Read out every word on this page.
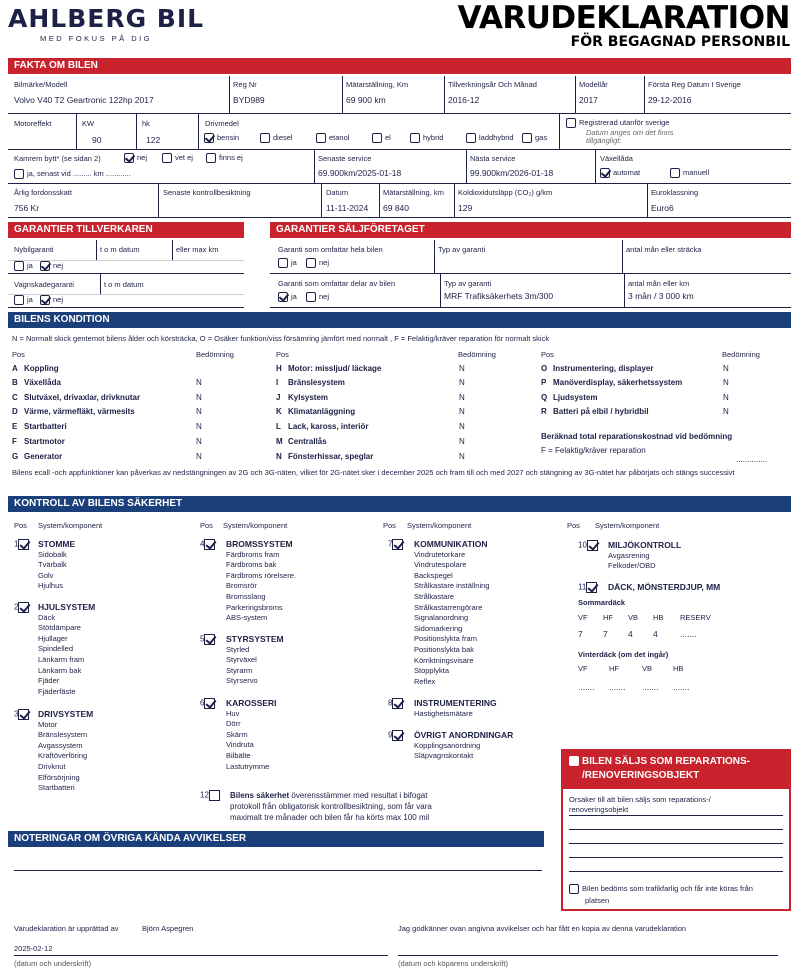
AHLBERG BIL
MED FOKUS PÅ DIG
VARUDEKLARATION
FÖR BEGAGNAD PERSONBIL
FAKTA OM BILEN
Bilmärke/Modell
Volvo V40 T2 Geartronic 122hp 2017
Reg Nr
BYD989
Mätarställning, Km
69 900 km
Tillverkningsår Och Månad
2016-12
Modellår
2017
Första Reg Datum I Sverige
29-12-2016
Motoreffekt	KW	hk
90	122
Drivmedel
bensin	diesel	etanol	el	hybrid	laddhybrid	gas
Registrerad utanför sverige
Datum anges om det finns tillgängligt:
Kamrem bytt* (se sidan 2)	nej	vet ej	finns ej
ja, senast vid ......... km ............
Senaste service
69.900km/2025-01-18
Nästa service
99.900km/2026-01-18
Växellåda
automat	manuell
Årlig fordonsskatt
756 Kr
Senaste kontrollbesiktning	Datum
11-11-2024
Mätarställning, km
69 840
Koldioxidutsläpp (CO₂) g/km
129
Euroklassning
Euro6
GARANTIER TILLVERKAREN	GARANTIER SÄLJFÖRETAGET
Nybilgaranti	t o m datum	eller max km
ja	nej
Vagnskadegaranti	t o m datum
ja	nej
Garanti som omfattar hela bilen	Typ av garanti	antal mån eller sträcka
ja	nej
Garanti som omfattar delar av bilen	Typ av garanti
MRF Trafiksäkerhets 3m/300
antal mån eller km
3 mån / 3 000 km
ja	nej
BILENS KONDITION
N = Normalt skick gentemot bilens ålder och körsträcka, O = Osäker funktion/viss försämring jämfört med normalt , F = Felaktig/kräver reparation för normalt skick
Pos	Bedömning	Pos	Bedömning	Pos	Bedömning
A Koppling
B Växellåda	N
C Slutväxel, drivaxlar, drivknutar	N
D Värme, värmefläkt, värmesits	N
E Startbatteri	N
F Startmotor	N
G Generator	N
H Motor: missljud/ läckage	N
I Bränslesystem	N
J Kylsystem	N
K Klimatanläggning	N
L Lack, kaross, interiör	N
M Centrallås	N
N Fönsterhissar, speglar	N
O Instrumentering, displayer	N
P Manöverdisplay, säkerhetssystem	N
Q Ljudsystem	N
R Batteri på elbil / hybridbil	N
Beräknad total reparationskostnad vid bedömning
F = Felaktig/kräver reparation
..............
Bilens ecall -och appfunktioner kan påverkas av nedstängningen av 2G och 3G-näten, vilket för 2G-nätet sker i december 2025 och fram till och med 2027 och stängning av 3G-nätet har påbörjats och stängs successivt
KONTROLL AV BILENS SÄKERHET
Pos System/komponent	Pos System/komponent	Pos System/komponent	Pos System/komponent
1	STOMME
Sidobalk
Tvärbalk
Golv
Hjulhus
2	HJULSYSTEM
Däck
Stötdämpare
Hjullager
Spindelled
Länkarm fram
Länkarm bak
Fjäder
Fjäderfäste
3	DRIVSYSTEM
Motor
Bränslesystem
Avgassystem
Kraftöverföring
Drivknut
Elförsörjning
Startbatteri
4	BROMSSYSTEM
Färdbroms fram
Färdbroms bak
Färdbroms rörelsere.
Bromsrör
Bromsslang
Parkeringsbroms
ABS-system
5	STYRSYSTEM
Styrled
Styrväxel
Styrarm
Styrservo
6	KAROSSERI
Huv
Dörr
Skärm
Vindruta
Bilbälte
Lastutrymme
7	KOMMUNIKATION
Vindrutetorkare
Vindrutespolare
Backspegel
Strålkastare inställning
Strålkastare
Strålkastarrengörare
Signalanordning
Sidomarkering
Positionslykta fram
Positionslykta bak
Körriktningsvisare
Stopplykta
Reflex
8	INSTRUMENTERING
Hastighetsmätare
9	ÖVRIGT ANORDNINGAR
Kopplingsanordning
Släpvagnskontakt
10	MILJÖKONTROLL
Avgasrening
Felkoder/OBD
11	DÄCK, MÖNSTERDJUP, MM
Sommardäck
VF HF VB HB RESERV
7 7 4 4	.......
Vinterdäck (om det ingår)
VF	HF	VB	HB
....... ....... ....... .......
12	Bilens säkerhet överensstämmer med resultat i bifogat
protokoll från obligatorisk kontrollbesiktning, som får vara
maximalt tre månader och bilen får ha körts max 100 mil
BILEN SÄLJS SOM REPARATIONS-
/RENOVERINGSOBJEKT
Orsaker till att bilen säljs som reparations-/
renoveringsobjekt
Bilen bedöms som trafikfarlig och får inte köras från
platsen
NOTERINGAR OM ÖVRIGA KÄNDA AVVIKELSER
Varudeklaration är upprättad av	Björn Aspegren
2025-02-12
(datum och underskrift)
Jag godkänner ovan angivna avvikelser och har fått en kopia av denna varudeklaration
(datum och köparens underskrift)
